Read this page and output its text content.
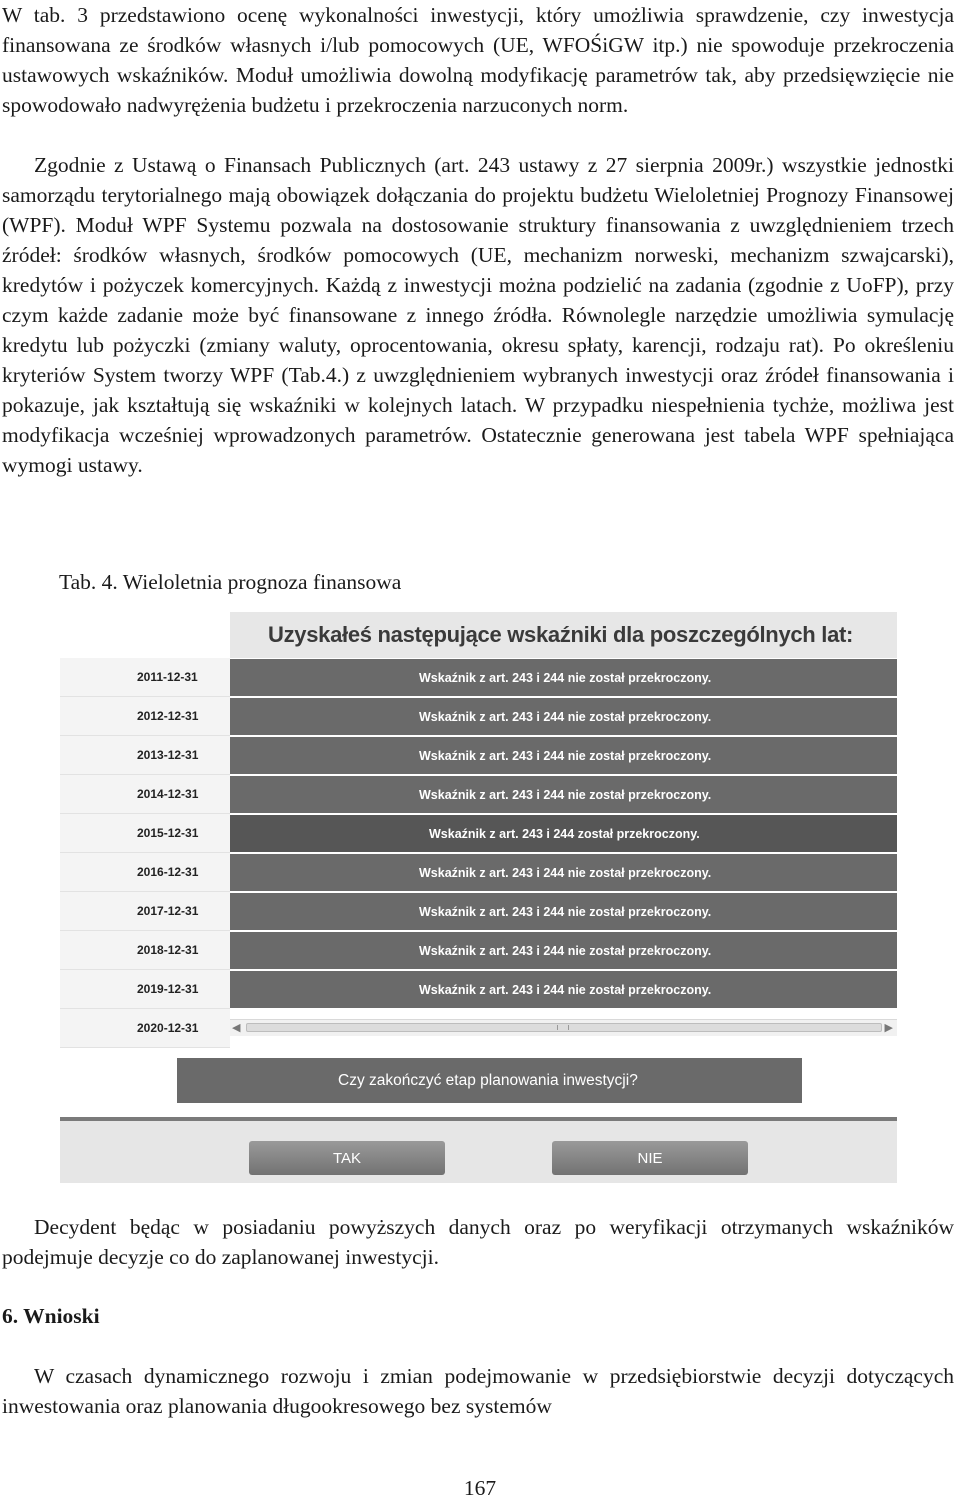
W tab. 3 przedstawiono ocenę wykonalności inwestycji, który umożliwia sprawdzenie, czy inwestycja finansowana ze środków własnych i/lub pomocowych (UE, WFOŚiGW itp.) nie spowoduje przekroczenia ustawowych wskaźników. Moduł umożliwia dowolną modyfikację parametrów tak, aby przedsięwzięcie nie spowodowało nadwyrężenia budżetu i przekroczenia narzuconych norm.

Zgodnie z Ustawą o Finansach Publicznych (art. 243 ustawy z 27 sierpnia 2009r.) wszystkie jednostki samorządu terytorialnego mają obowiązek dołączania do projektu budżetu Wieloletniej Prognozy Finansowej (WPF). Moduł WPF Systemu pozwala na dostosowanie struktury finansowania z uwzględnieniem trzech źródeł: środków własnych, środków pomocowych (UE, mechanizm norweski, mechanizm szwajcarski), kredytów i pożyczek komercyjnych. Każdą z inwestycji można podzielić na zadania (zgodnie z UoFP), przy czym każde zadanie może być finansowane z innego źródła. Równolegle narzędzie umożliwia symulację kredytu lub pożyczki (zmiany waluty, oprocentowania, okresu spłaty, karencji, rodzaju rat). Po określeniu kryteriów System tworzy WPF (Tab.4.) z uwzględnieniem wybranych inwestycji oraz źródeł finansowania i pokazuje, jak kształtują się wskaźniki w kolejnych latach. W przypadku niespełnienia tychże, możliwa jest modyfikacja wcześniej wprowadzonych parametrów. Ostatecznie generowana jest tabela WPF spełniająca wymogi ustawy.

Tab. 4. Wieloletnia prognoza finansowa

Uzyskałeś następujące wskaźniki dla poszczególnych lat:
2011-12-31	Wskaźnik z art. 243 i 244 nie został przekroczony.
2012-12-31	Wskaźnik z art. 243 i 244 nie został przekroczony.
2013-12-31	Wskaźnik z art. 243 i 244 nie został przekroczony.
2014-12-31	Wskaźnik z art. 243 i 244 nie został przekroczony.
2015-12-31	Wskaźnik z art. 243 i 244 został przekroczony.
2016-12-31	Wskaźnik z art. 243 i 244 nie został przekroczony.
2017-12-31	Wskaźnik z art. 243 i 244 nie został przekroczony.
2018-12-31	Wskaźnik z art. 243 i 244 nie został przekroczony.
2019-12-31	Wskaźnik z art. 243 i 244 nie został przekroczony.
2020-12-31	◀	▶
Czy zakończyć etap planowania inwestycji?
TAK	NIE

Decydent będąc w posiadaniu powyższych danych oraz po weryfikacji otrzymanych wskaźników podejmuje decyzje co do zaplanowanej inwestycji.

6. Wnioski

W czasach dynamicznego rozwoju i zmian podejmowanie w przedsiębiorstwie decyzji dotyczących inwestowania oraz planowania długookresowego bez systemów

167
